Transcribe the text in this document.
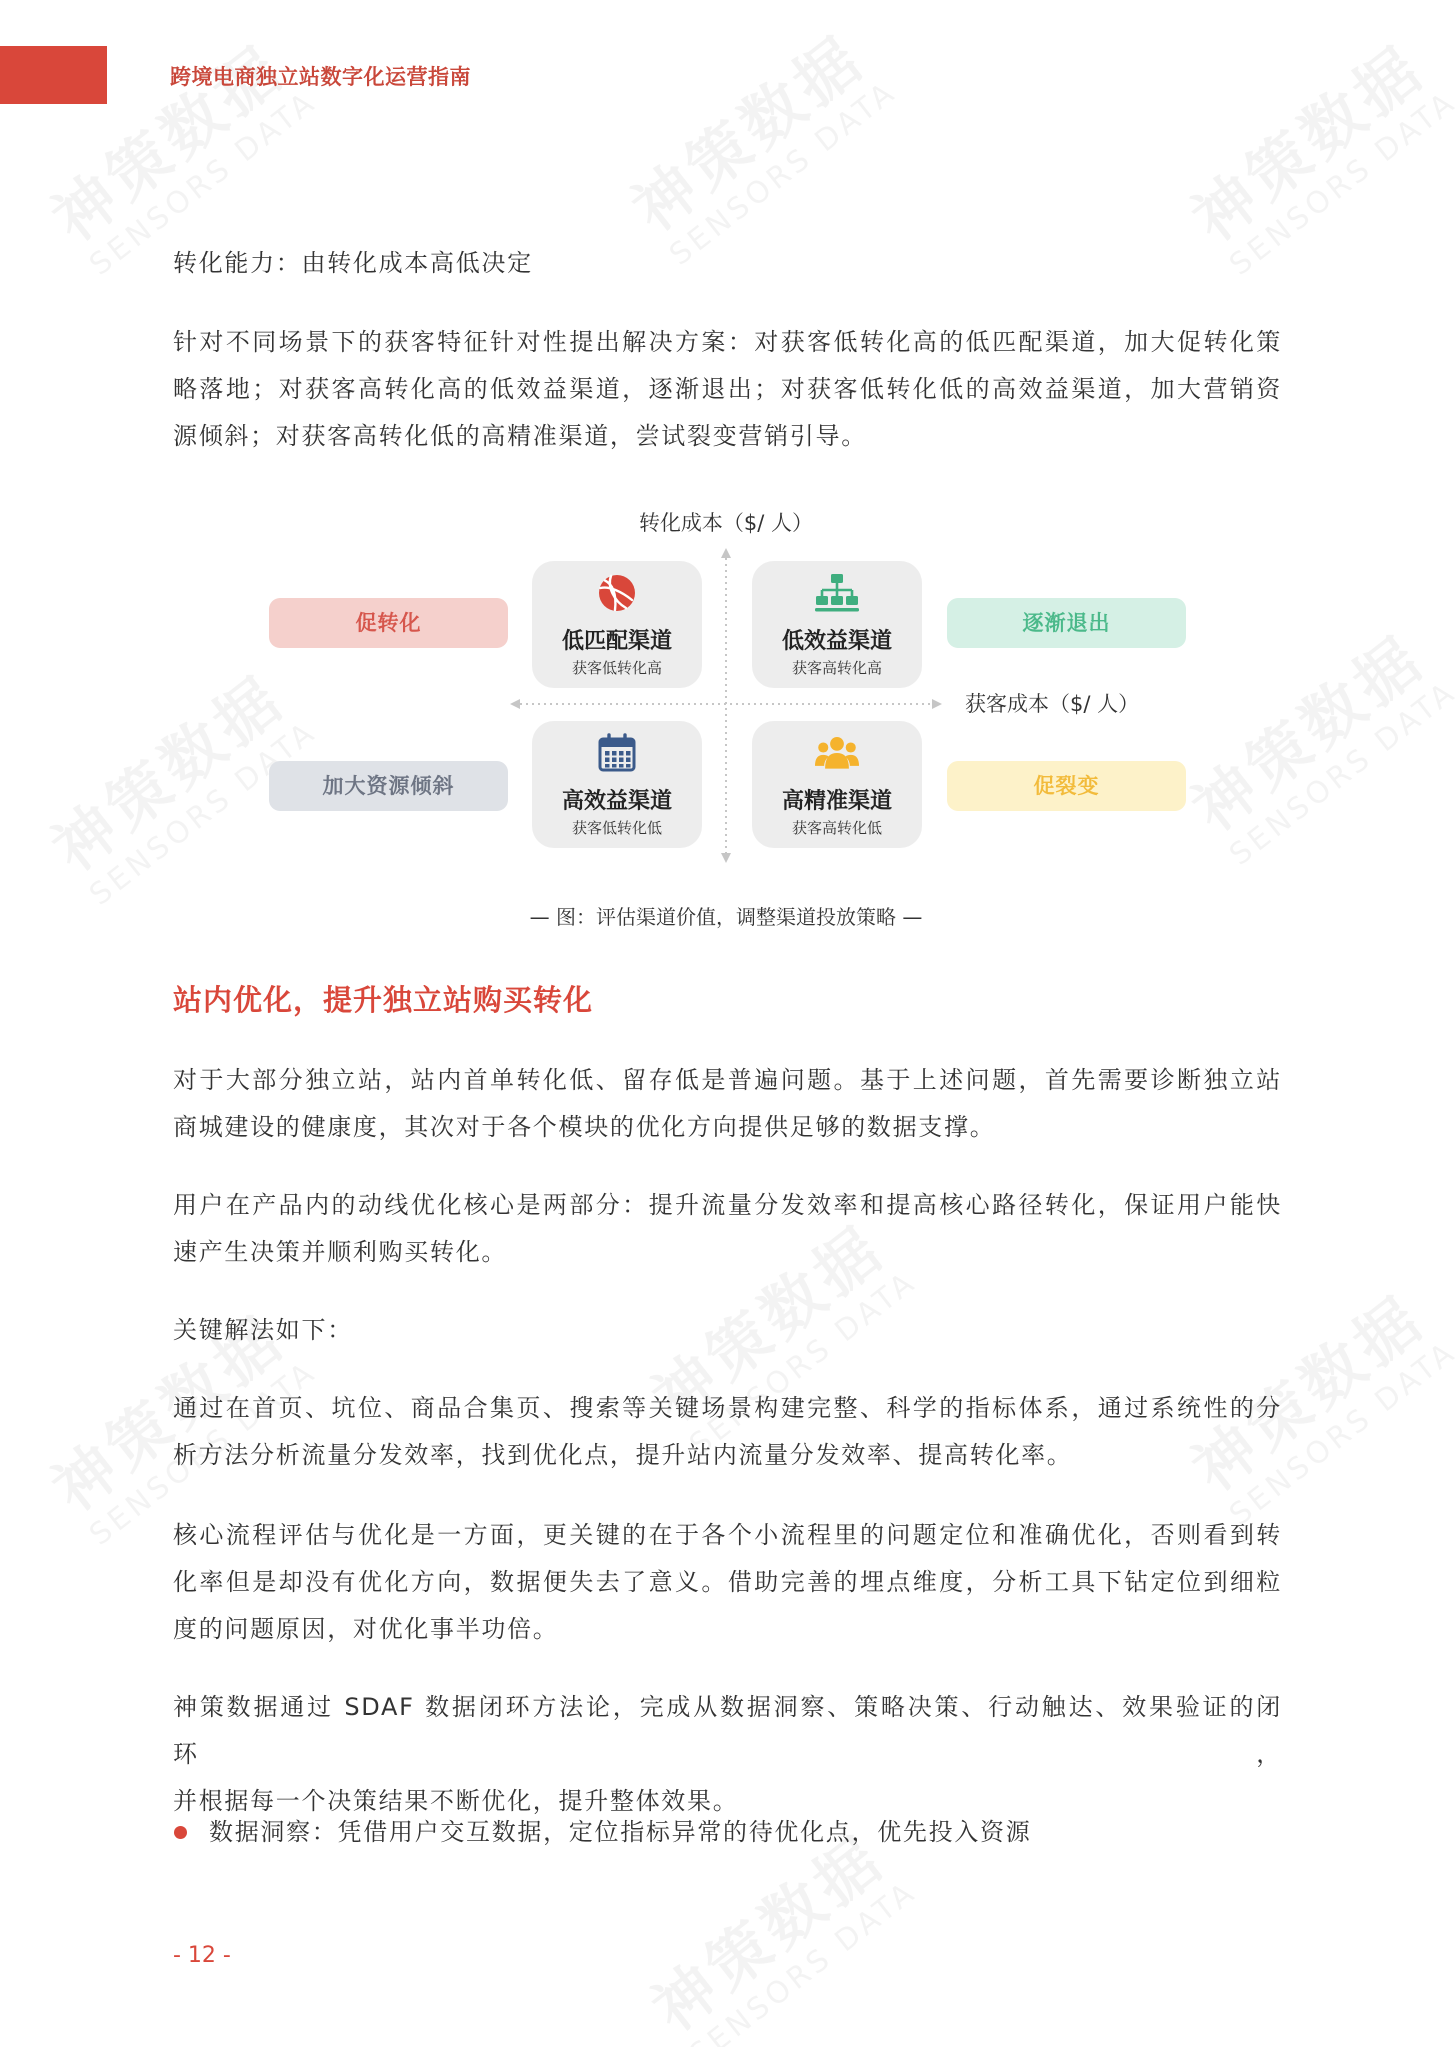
跨境电商独立站数字化运营指南
转化能力：由转化成本高低决定
针对不同场景下的获客特征针对性提出解决方案：对获客低转化高的低匹配渠道，加大促转化策
略落地；对获客高转化高的低效益渠道，逐渐退出；对获客低转化低的高效益渠道，加大营销资
源倾斜；对获客高转化低的高精准渠道，尝试裂变营销引导。
转化成本（$/ 人）
获客成本（$/ 人）
低匹配渠道
获客低转化高
低效益渠道
获客高转化高
高效益渠道
获客低转化低
高精准渠道
获客高转化低
促转化	逐渐退出
加大资源倾斜	促裂变
— 图：评估渠道价值，调整渠道投放策略 —
站内优化，提升独立站购买转化
对于大部分独立站，站内首单转化低、留存低是普遍问题。基于上述问题，首先需要诊断独立站
商城建设的健康度，其次对于各个模块的优化方向提供足够的数据支撑。
用户在产品内的动线优化核心是两部分：提升流量分发效率和提高核心路径转化，保证用户能快
速产生决策并顺利购买转化。
关键解法如下：
通过在首页、坑位、商品合集页、搜索等关键场景构建完整、科学的指标体系，通过系统性的分
析方法分析流量分发效率，找到优化点，提升站内流量分发效率、提高转化率。
核心流程评估与优化是一方面，更关键的在于各个小流程里的问题定位和准确优化，否则看到转
化率但是却没有优化方向，数据便失去了意义。借助完善的埋点维度，分析工具下钻定位到细粒
度的问题原因，对优化事半功倍。
神策数据通过 SDAF 数据闭环方法论，完成从数据洞察、策略决策、行动触达、效果验证的闭环，
并根据每一个决策结果不断优化，提升整体效果。
数据洞察：凭借用户交互数据，定位指标异常的待优化点，优先投入资源
- 12 -
